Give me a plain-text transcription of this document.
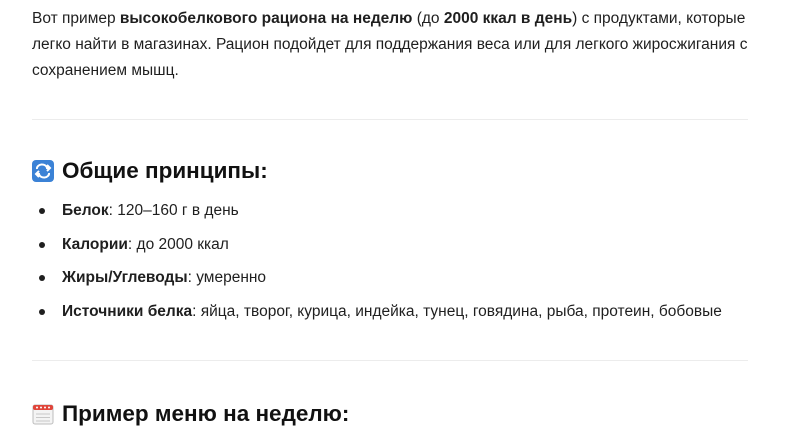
Вот пример высокобелкового рациона на неделю (до 2000 ккал в день) с продуктами, которые легко найти в магазинах. Рацион подойдет для поддержания веса или для легкого жиросжигания с сохранением мышц.
Общие принципы:
Белок: 120–160 г в день
Калории: до 2000 ккал
Жиры/Углеводы: умеренно
Источники белка: яйца, творог, курица, индейка, тунец, говядина, рыба, протеин, бобовые
Пример меню на неделю:
